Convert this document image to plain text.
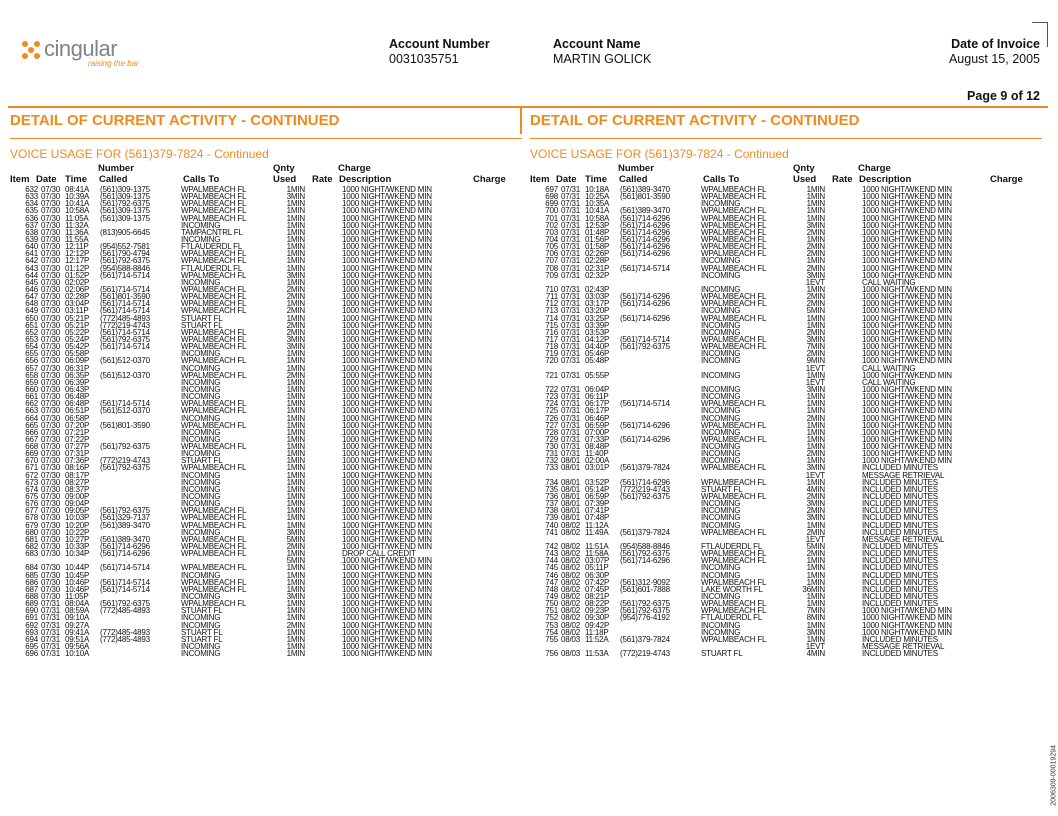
cingular
raising the bar
Account Number
0031035751
Account Name
MARTIN GOLICK
Date of Invoice
August 15, 2005
Page 9 of 12
DETAIL OF CURRENT ACTIVITY - CONTINUED
VOICE USAGE FOR (561)379-7824 - Continued
Number	Qnty	Charge
Item Date Time Called	Calls To	Used Rate Description	Charge
632 07/30 08:41A (561)309-1375	WPALMBEACH FL	1MIN	1000 NIGHT/WKEND MIN
633 07/30 10:39A (561)309-1375	WPALMBEACH FL	3MIN	1000 NIGHT/WKEND MIN
634 07/30 10:41A (561)792-6375	WPALMBEACH FL	1MIN	1000 NIGHT/WKEND MIN
635 07/30 10:58A (561)309-1375	WPALMBEACH FL	1MIN	1000 NIGHT/WKEND MIN
636 07/30 11:05A (561)309-1375	WPALMBEACH FL	1MIN	1000 NIGHT/WKEND MIN
637 07/30 11:32A	INCOMING	1MIN	1000 NIGHT/WKEND MIN
638 07/30 11:36A (813)905-6645	TAMPACNTRL FL	1MIN	1000 NIGHT/WKEND MIN
639 07/30 11:55A	INCOMING	1MIN	1000 NIGHT/WKEND MIN
640 07/30 12:11P (954)552-7581	FTLAUDERDL FL	1MIN	1000 NIGHT/WKEND MIN
641 07/30 12:12P (561)790-4794	WPALMBEACH FL	1MIN	1000 NIGHT/WKEND MIN
642 07/30 12:17P (561)792-6375	WPALMBEACH FL	1MIN	1000 NIGHT/WKEND MIN
643 07/30 01:12P (954)588-8846	FTLAUDERDL FL	1MIN	1000 NIGHT/WKEND MIN
644 07/30 01:52P (561)714-5714	WPALMBEACH FL	3MIN	1000 NIGHT/WKEND MIN
645 07/30 02:02P	INCOMING	1MIN	1000 NIGHT/WKEND MIN
646 07/30 02:06P (561)714-5714	WPALMBEACH FL	2MIN	1000 NIGHT/WKEND MIN
647 07/30 02:28P (561)801-3590	WPALMBEACH FL	2MIN	1000 NIGHT/WKEND MIN
648 07/30 03:04P (561)714-5714	WPALMBEACH FL	1MIN	1000 NIGHT/WKEND MIN
649 07/30 03:11P (561)714-5714	WPALMBEACH FL	2MIN	1000 NIGHT/WKEND MIN
650 07/30 05:21P (772)485-4893	STUART FL	1MIN	1000 NIGHT/WKEND MIN
651 07/30 05:21P (772)219-4743	STUART FL	2MIN	1000 NIGHT/WKEND MIN
652 07/30 05:22P (561)714-5714	WPALMBEACH FL	2MIN	1000 NIGHT/WKEND MIN
653 07/30 05:24P (561)792-6375	WPALMBEACH FL	3MIN	1000 NIGHT/WKEND MIN
654 07/30 05:42P (561)714-5714	WPALMBEACH FL	3MIN	1000 NIGHT/WKEND MIN
655 07/30 05:58P	INCOMING	1MIN	1000 NIGHT/WKEND MIN
656 07/30 06:09P (561)512-0370	WPALMBEACH FL	1MIN	1000 NIGHT/WKEND MIN
657 07/30 06:31P	INCOMING	1MIN	1000 NIGHT/WKEND MIN
658 07/30 06:35P (561)512-0370	WPALMBEACH FL	2MIN	1000 NIGHT/WKEND MIN
659 07/30 06:39P	INCOMING	1MIN	1000 NIGHT/WKEND MIN
660 07/30 06:43P	INCOMING	1MIN	1000 NIGHT/WKEND MIN
661 07/30 06:48P	INCOMING	1MIN	1000 NIGHT/WKEND MIN
662 07/30 06:48P (561)714-5714	WPALMBEACH FL	1MIN	1000 NIGHT/WKEND MIN
663 07/30 06:51P (561)512-0370	WPALMBEACH FL	1MIN	1000 NIGHT/WKEND MIN
664 07/30 06:58P	INCOMING	1MIN	1000 NIGHT/WKEND MIN
665 07/30 07:20P (561)801-3590	WPALMBEACH FL	1MIN	1000 NIGHT/WKEND MIN
666 07/30 07:21P	INCOMING	1MIN	1000 NIGHT/WKEND MIN
667 07/30 07:22P	INCOMING	1MIN	1000 NIGHT/WKEND MIN
668 07/30 07:27P (561)792-6375	WPALMBEACH FL	1MIN	1000 NIGHT/WKEND MIN
669 07/30 07:31P	INCOMING	1MIN	1000 NIGHT/WKEND MIN
670 07/30 07:36P (772)219-4743	STUART FL	1MIN	1000 NIGHT/WKEND MIN
671 07/30 08:16P (561)792-6375	WPALMBEACH FL	1MIN	1000 NIGHT/WKEND MIN
672 07/30 08:17P	INCOMING	1MIN	1000 NIGHT/WKEND MIN
673 07/30 08:27P	INCOMING	1MIN	1000 NIGHT/WKEND MIN
674 07/30 08:37P	INCOMING	1MIN	1000 NIGHT/WKEND MIN
675 07/30 09:00P	INCOMING	1MIN	1000 NIGHT/WKEND MIN
676 07/30 09:04P	INCOMING	1MIN	1000 NIGHT/WKEND MIN
677 07/30 09:05P (561)792-6375	WPALMBEACH FL	1MIN	1000 NIGHT/WKEND MIN
678 07/30 10:03P (561)329-7137	WPALMBEACH FL	1MIN	1000 NIGHT/WKEND MIN
679 07/30 10:20P (561)389-3470	WPALMBEACH FL	1MIN	1000 NIGHT/WKEND MIN
680 07/30 10:22P	INCOMING	3MIN	1000 NIGHT/WKEND MIN
681 07/30 10:27P (561)389-3470	WPALMBEACH FL	5MIN	1000 NIGHT/WKEND MIN
682 07/30 10:33P (561)714-6296	WPALMBEACH FL	2MIN	1000 NIGHT/WKEND MIN
683 07/30 10:34P (561)714-6296	WPALMBEACH FL	1MIN	DROP CALL CREDIT
5MIN	1000 NIGHT/WKEND MIN
684 07/30 10:44P (561)714-5714	WPALMBEACH FL	1MIN	1000 NIGHT/WKEND MIN
685 07/30 10:45P	INCOMING	1MIN	1000 NIGHT/WKEND MIN
686 07/30 10:46P (561)714-5714	WPALMBEACH FL	1MIN	1000 NIGHT/WKEND MIN
687 07/30 10:46P (561)714-5714	WPALMBEACH FL	1MIN	1000 NIGHT/WKEND MIN
688 07/30 11:05P	INCOMING	3MIN	1000 NIGHT/WKEND MIN
689 07/31 08:04A (561)792-6375	WPALMBEACH FL	1MIN	1000 NIGHT/WKEND MIN
690 07/31 08:59A (772)485-4893	STUART FL	1MIN	1000 NIGHT/WKEND MIN
691 07/31 09:10A	INCOMING	1MIN	1000 NIGHT/WKEND MIN
692 07/31 09:27A	INCOMING	2MIN	1000 NIGHT/WKEND MIN
693 07/31 09:41A (772)485-4893	STUART FL	1MIN	1000 NIGHT/WKEND MIN
694 07/31 09:51A (772)485-4893	STUART FL	1MIN	1000 NIGHT/WKEND MIN
695 07/31 09:56A	INCOMING	1MIN	1000 NIGHT/WKEND MIN
696 07/31 10:10A	INCOMING	1MIN	1000 NIGHT/WKEND MIN
DETAIL OF CURRENT ACTIVITY - CONTINUED
VOICE USAGE FOR (561)379-7824 - Continued
Number	Qnty	Charge
Item Date Time Called	Calls To	Used Rate Description	Charge
697 07/31 10:18A (561)389-3470	WPALMBEACH FL	1MIN	1000 NIGHT/WKEND MIN
698 07/31 10:25A (561)801-3590	WPALMBEACH FL	1MIN	1000 NIGHT/WKEND MIN
699 07/31 10:35A	INCOMING	1MIN	1000 NIGHT/WKEND MIN
700 07/31 10:41A (561)389-3470	WPALMBEACH FL	1MIN	1000 NIGHT/WKEND MIN
701 07/31 10:58A (561)714-6296	WPALMBEACH FL	1MIN	1000 NIGHT/WKEND MIN
702 07/31 12:53P (561)714-6296	WPALMBEACH FL	3MIN	1000 NIGHT/WKEND MIN
703 07/31 01:48P (561)714-6296	WPALMBEACH FL	2MIN	1000 NIGHT/WKEND MIN
704 07/31 01:56P (561)714-6296	WPALMBEACH FL	1MIN	1000 NIGHT/WKEND MIN
705 07/31 01:58P (561)714-6296	WPALMBEACH FL	2MIN	1000 NIGHT/WKEND MIN
706 07/31 02:26P (561)714-6296	WPALMBEACH FL	2MIN	1000 NIGHT/WKEND MIN
707 07/31 02:28P	INCOMING	1MIN	1000 NIGHT/WKEND MIN
708 07/31 02:31P (561)714-5714	WPALMBEACH FL	2MIN	1000 NIGHT/WKEND MIN
709 07/31 02:32P	INCOMING	3MIN	1000 NIGHT/WKEND MIN
1EVT	CALL WAITING
710 07/31 02:43P	INCOMING	1MIN	1000 NIGHT/WKEND MIN
711 07/31 03:03P (561)714-6296	WPALMBEACH FL	2MIN	1000 NIGHT/WKEND MIN
712 07/31 03:17P (561)714-6296	WPALMBEACH FL	2MIN	1000 NIGHT/WKEND MIN
713 07/31 03:20P	INCOMING	5MIN	1000 NIGHT/WKEND MIN
714 07/31 03:25P (561)714-6296	WPALMBEACH FL	1MIN	1000 NIGHT/WKEND MIN
715 07/31 03:39P	INCOMING	1MIN	1000 NIGHT/WKEND MIN
716 07/31 03:53P	INCOMING	2MIN	1000 NIGHT/WKEND MIN
717 07/31 04:12P (561)714-5714	WPALMBEACH FL	3MIN	1000 NIGHT/WKEND MIN
718 07/31 04:40P (561)792-6375	WPALMBEACH FL	7MIN	1000 NIGHT/WKEND MIN
719 07/31 05:46P	INCOMING	2MIN	1000 NIGHT/WKEND MIN
720 07/31 05:48P	INCOMING	9MIN	1000 NIGHT/WKEND MIN
1EVT	CALL WAITING
721 07/31 05:55P	INCOMING	1MIN	1000 NIGHT/WKEND MIN
1EVT	CALL WAITING
722 07/31 06:04P	INCOMING	3MIN	1000 NIGHT/WKEND MIN
723 07/31 06:11P	INCOMING	1MIN	1000 NIGHT/WKEND MIN
724 07/31 06:17P (561)714-5714	WPALMBEACH FL	1MIN	1000 NIGHT/WKEND MIN
725 07/31 06:17P	INCOMING	1MIN	1000 NIGHT/WKEND MIN
726 07/31 06:46P	INCOMING	2MIN	1000 NIGHT/WKEND MIN
727 07/31 06:59P (561)714-6296	WPALMBEACH FL	1MIN	1000 NIGHT/WKEND MIN
728 07/31 07:00P	INCOMING	1MIN	1000 NIGHT/WKEND MIN
729 07/31 07:33P (561)714-6296	WPALMBEACH FL	1MIN	1000 NIGHT/WKEND MIN
730 07/31 08:48P	INCOMING	1MIN	1000 NIGHT/WKEND MIN
731 07/31 11:40P	INCOMING	2MIN	1000 NIGHT/WKEND MIN
732 08/01 02:00A	INCOMING	1MIN	1000 NIGHT/WKEND MIN
733 08/01 03:01P (561)379-7824	WPALMBEACH FL	3MIN	INCLUDED MINUTES
1EVT	MESSAGE RETRIEVAL
734 08/01 03:52P (561)714-6296	WPALMBEACH FL	1MIN	INCLUDED MINUTES
735 08/01 05:14P (772)219-4743	STUART FL	4MIN	INCLUDED MINUTES
736 08/01 06:59P (561)792-6375	WPALMBEACH FL	2MIN	INCLUDED MINUTES
737 08/01 07:39P	INCOMING	3MIN	INCLUDED MINUTES
738 08/01 07:41P	INCOMING	2MIN	INCLUDED MINUTES
739 08/01 07:48P	INCOMING	3MIN	INCLUDED MINUTES
740 08/02 11:12A	INCOMING	1MIN	INCLUDED MINUTES
741 08/02 11:49A (561)379-7824	WPALMBEACH FL	2MIN	INCLUDED MINUTES
1EVT	MESSAGE RETRIEVAL
742 08/02 11:51A (954)588-8846	FTLAUDERDL FL	5MIN	INCLUDED MINUTES
743 08/02 11:58A (561)792-6375	WPALMBEACH FL	2MIN	INCLUDED MINUTES
744 08/02 03:07P (561)714-6296	WPALMBEACH FL	1MIN	INCLUDED MINUTES
745 08/02 05:11P	INCOMING	1MIN	INCLUDED MINUTES
746 08/02 06:30P	INCOMING	1MIN	INCLUDED MINUTES
747 08/02 07:42P (561)312-9092	WPALMBEACH FL	1MIN	INCLUDED MINUTES
748 08/02 07:45P (561)601-7888	LAKE WORTH FL	36MIN	INCLUDED MINUTES
749 08/02 08:21P	INCOMING	1MIN	INCLUDED MINUTES
750 08/02 08:22P (561)792-6375	WPALMBEACH FL	1MIN	INCLUDED MINUTES
751 08/02 09:23P (561)792-6375	WPALMBEACH FL	7MIN	1000 NIGHT/WKEND MIN
752 08/02 09:30P (954)776-4192	FTLAUDERDL FL	8MIN	1000 NIGHT/WKEND MIN
753 08/02 09:42P	INCOMING	1MIN	1000 NIGHT/WKEND MIN
754 08/02 11:18P	INCOMING	3MIN	1000 NIGHT/WKEND MIN
755 08/03 11:52A (561)379-7824	WPALMBEACH FL	1MIN	INCLUDED MINUTES
1EVT	MESSAGE RETRIEVAL
756 08/03 11:53A (772)219-4743	STUART FL	4MIN	INCLUDED MINUTES
2006309-00019294
